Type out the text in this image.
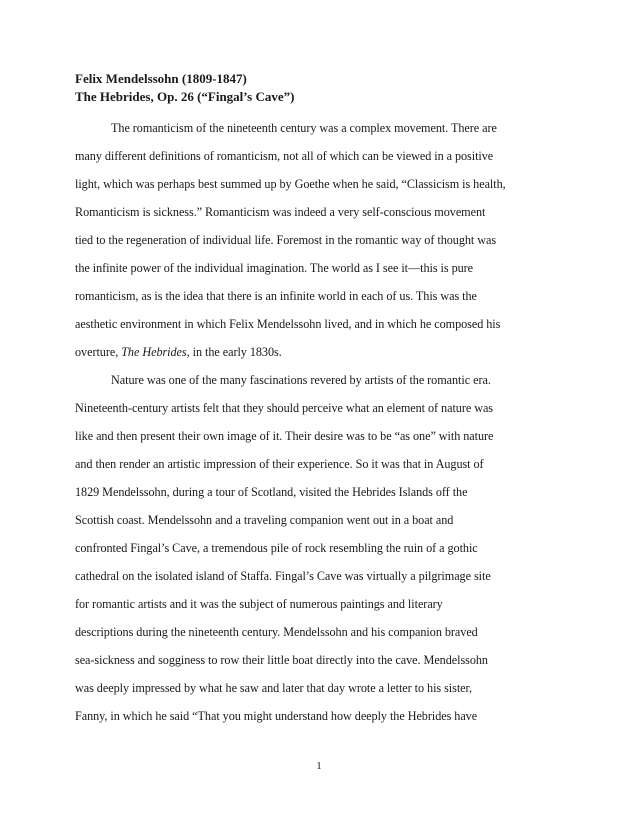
Felix Mendelssohn (1809-1847)
The Hebrides, Op. 26 (“Fingal’s Cave”)
The romanticism of the nineteenth century was a complex movement. There are
many different definitions of romanticism, not all of which can be viewed in a positive
light, which was perhaps best summed up by Goethe when he said, “Classicism is health,
Romanticism is sickness.” Romanticism was indeed a very self-conscious movement
tied to the regeneration of individual life. Foremost in the romantic way of thought was
the infinite power of the individual imagination. The world as I see it—this is pure
romanticism, as is the idea that there is an infinite world in each of us. This was the
aesthetic environment in which Felix Mendelssohn lived, and in which he composed his
overture, The Hebrides, in the early 1830s.
Nature was one of the many fascinations revered by artists of the romantic era.
Nineteenth-century artists felt that they should perceive what an element of nature was
like and then present their own image of it. Their desire was to be “as one” with nature
and then render an artistic impression of their experience. So it was that in August of
1829 Mendelssohn, during a tour of Scotland, visited the Hebrides Islands off the
Scottish coast. Mendelssohn and a traveling companion went out in a boat and
confronted Fingal’s Cave, a tremendous pile of rock resembling the ruin of a gothic
cathedral on the isolated island of Staffa. Fingal’s Cave was virtually a pilgrimage site
for romantic artists and it was the subject of numerous paintings and literary
descriptions during the nineteenth century. Mendelssohn and his companion braved
sea-sickness and sogginess to row their little boat directly into the cave. Mendelssohn
was deeply impressed by what he saw and later that day wrote a letter to his sister,
Fanny, in which he said “That you might understand how deeply the Hebrides have
1
